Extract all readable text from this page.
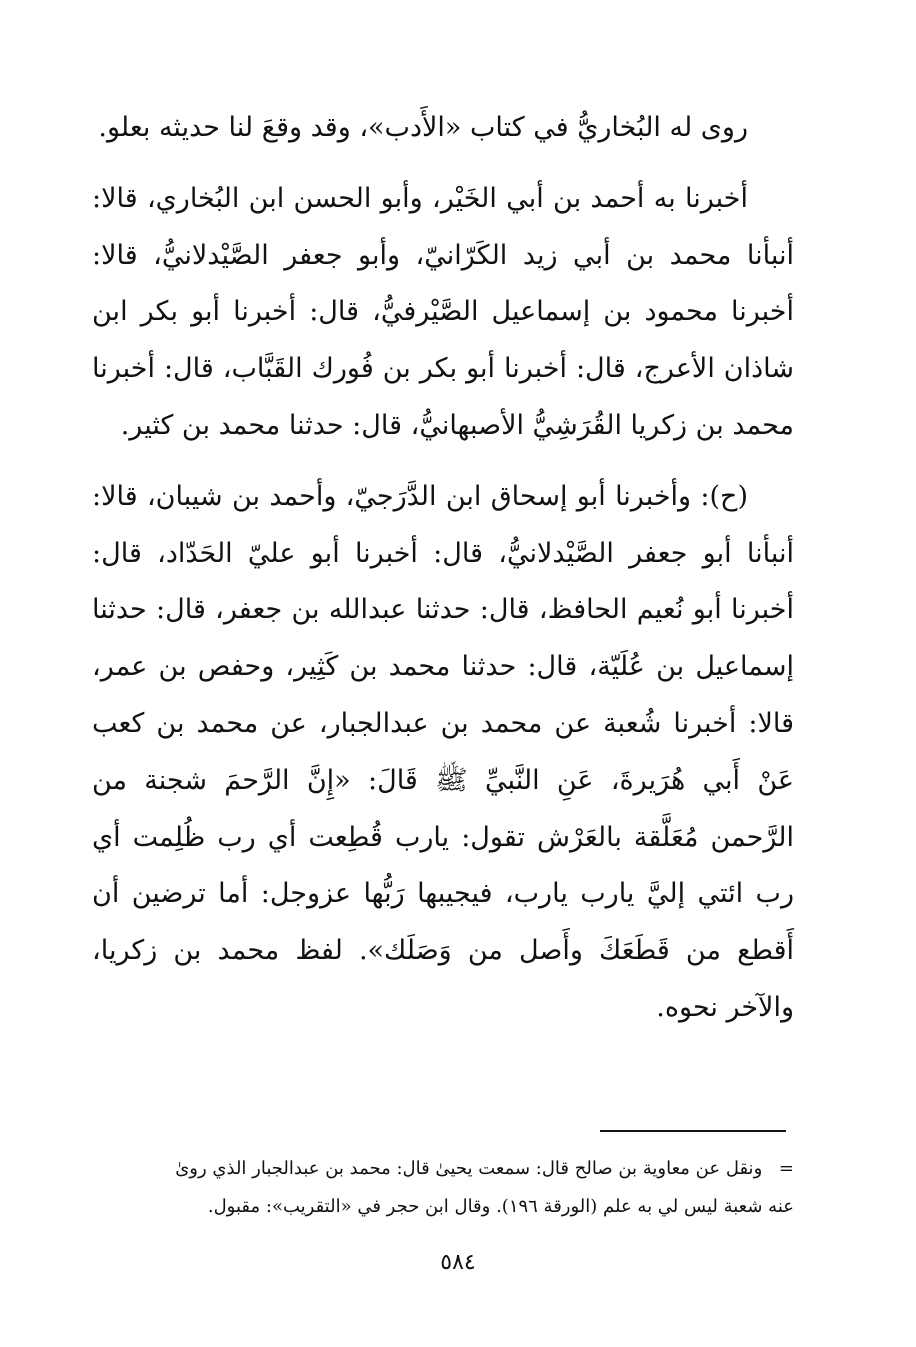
روى له البُخاريُّ في كتاب «الأَدب»، وقد وقعَ لنا حديثه بعلو.

أخبرنا به أحمد بن أبي الخَيْر، وأبو الحسن ابن البُخاري، قالا: أنبأنا محمد بن أبي زيد الكَرّانيّ، وأبو جعفر الصَّيْدلانيُّ، قالا: أخبرنا محمود بن إسماعيل الصَّيْرفيُّ، قال: أخبرنا أبو بكر ابن شاذان الأعرج، قال: أخبرنا أبو بكر بن فُورك القَبَّاب، قال: أخبرنا محمد بن زكريا القُرَشِيُّ الأصبهانيُّ، قال: حدثنا محمد بن كثير.

(ح): وأخبرنا أبو إسحاق ابن الدَّرَجيّ، وأحمد بن شيبان، قالا: أنبأنا أبو جعفر الصَّيْدلانيُّ، قال: أخبرنا أبو عليّ الحَدّاد، قال: أخبرنا أبو نُعيم الحافظ، قال: حدثنا عبدالله بن جعفر، قال: حدثنا إسماعيل بن عُلَيّة، قال: حدثنا محمد بن كَثِير، وحفص بن عمر، قالا: أخبرنا شُعبة عن محمد بن عبدالجبار، عن محمد بن كعب عَنْ أَبي هُرَيرةَ، عَنِ النَّبيِّ ﷺ قَالَ: «إِنَّ الرَّحمَ شجنة من الرَّحمن مُعَلَّقة بالعَرْش تقول: يارب قُطِعت أي رب ظُلِمت أي رب ائتي إليَّ يارب يارب، فيجيبها رَبُّها عزوجل: أما ترضين أن أَقطع من قَطَعَكَ وأَصل من وَصَلَك». لفظ محمد بن زكريا، والآخر نحوه.

= ونقل عن معاوية بن صالح قال: سمعت يحيىٰ قال: محمد بن عبدالجبار الذي روىٰ

عنه شعبة ليس لي به علم (الورقة ١٩٦). وقال ابن حجر في «التقريب»: مقبول.

٥٨٤
